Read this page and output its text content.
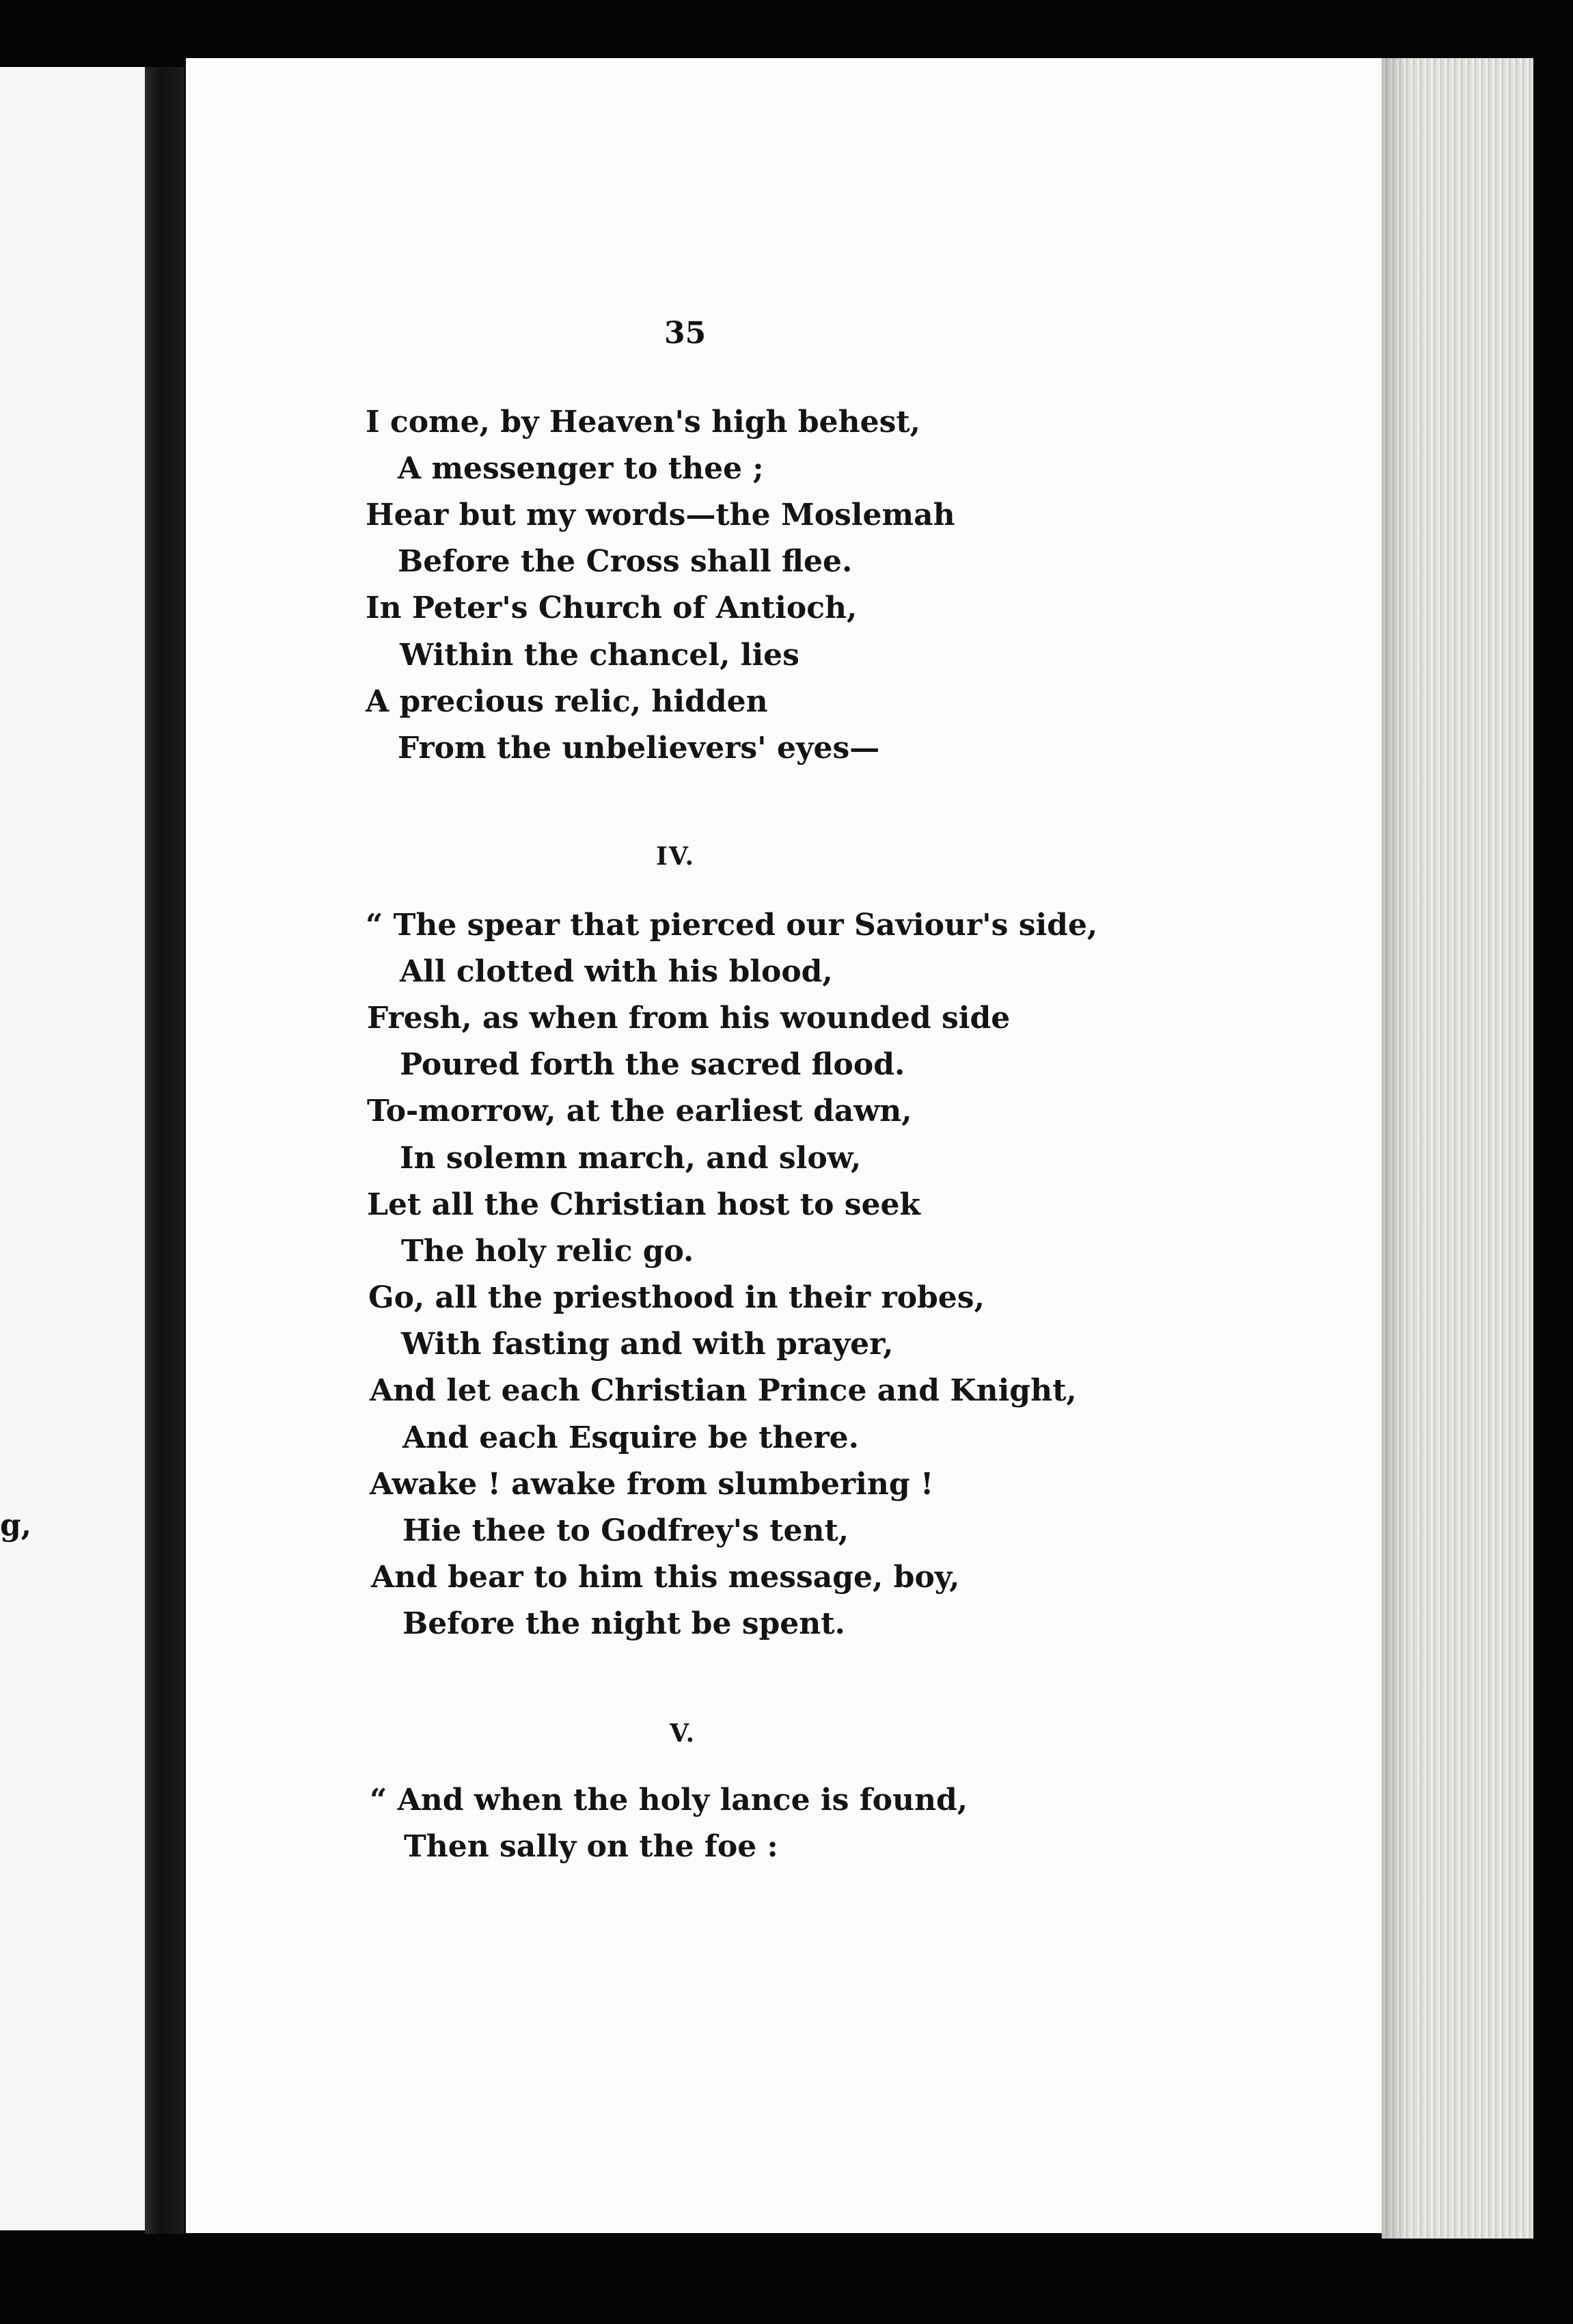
g,
35
I come, by Heaven's high behest,
A messenger to thee ;
Hear but my words—the Moslemah
Before the Cross shall flee.
In Peter's Church of Antioch,
Within the chancel, lies
A precious relic, hidden
From the unbelievers' eyes—
IV.
“ The spear that pierced our Saviour's side,
All clotted with his blood,
Fresh, as when from his wounded side
Poured forth the sacred flood.
To-morrow, at the earliest dawn,
In solemn march, and slow,
Let all the Christian host to seek
The holy relic go.
Go, all the priesthood in their robes,
With fasting and with prayer,
And let each Christian Prince and Knight,
And each Esquire be there.
Awake ! awake from slumbering !
Hie thee to Godfrey's tent,
And bear to him this message, boy,
Before the night be spent.
V.
“ And when the holy lance is found,
Then sally on the foe :
